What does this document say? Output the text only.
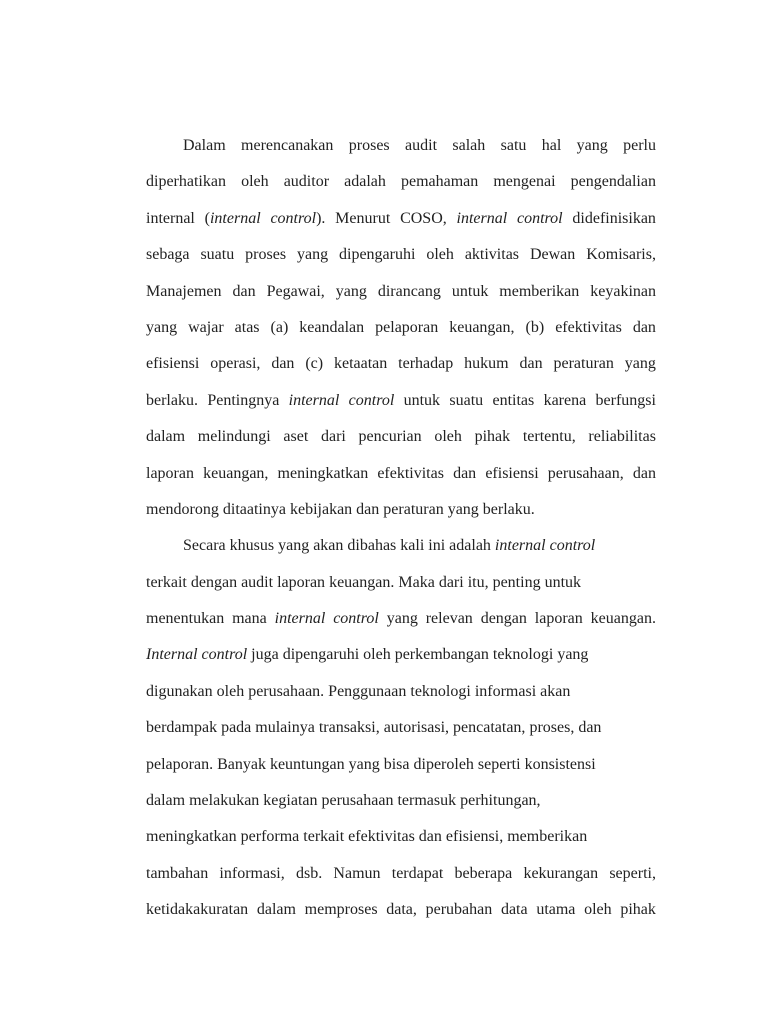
Dalam merencanakan proses audit salah satu hal yang perlu
diperhatikan oleh auditor adalah pemahaman mengenai pengendalian
internal (internal control). Menurut COSO, internal control didefinisikan
sebaga suatu proses yang dipengaruhi oleh aktivitas Dewan Komisaris,
Manajemen dan Pegawai, yang dirancang untuk memberikan keyakinan
yang wajar atas (a) keandalan pelaporan keuangan, (b) efektivitas dan
efisiensi operasi, dan (c) ketaatan terhadap hukum dan peraturan yang
berlaku. Pentingnya internal control untuk suatu entitas karena berfungsi
dalam melindungi aset dari pencurian oleh pihak tertentu, reliabilitas
laporan keuangan, meningkatkan efektivitas dan efisiensi perusahaan, dan
mendorong ditaatinya kebijakan dan peraturan yang berlaku.
Secara khusus yang akan dibahas kali ini adalah internal control
terkait dengan audit laporan keuangan. Maka dari itu, penting untuk
menentukan mana internal control yang relevan dengan laporan keuangan.
Internal control juga dipengaruhi oleh perkembangan teknologi yang
digunakan oleh perusahaan. Penggunaan teknologi informasi akan
berdampak pada mulainya transaksi, autorisasi, pencatatan, proses, dan
pelaporan. Banyak keuntungan yang bisa diperoleh seperti konsistensi
dalam melakukan kegiatan perusahaan termasuk perhitungan,
meningkatkan performa terkait efektivitas dan efisiensi, memberikan
tambahan informasi, dsb. Namun terdapat beberapa kekurangan seperti,
ketidakakuratan dalam memproses data, perubahan data utama oleh pihak
